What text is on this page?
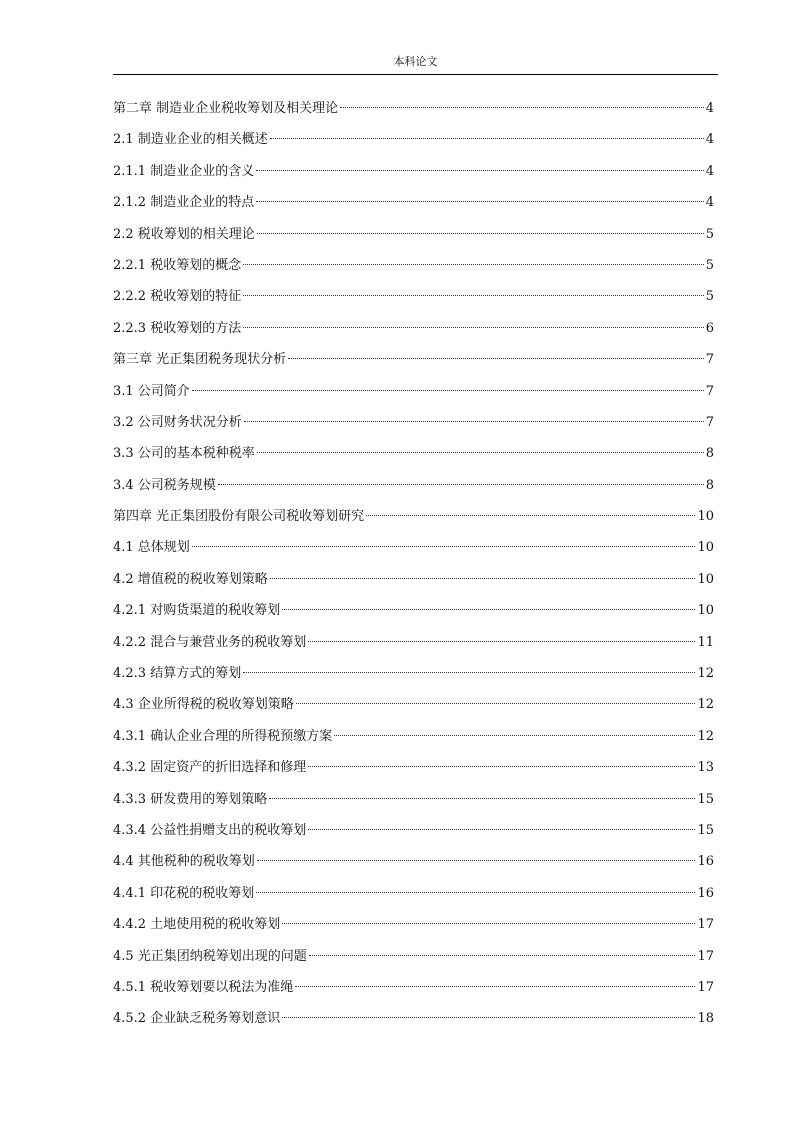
本科论文
第二章 制造业企业税收筹划及相关理论	4
2.1 制造业企业的相关概述	4
2.1.1 制造业企业的含义	4
2.1.2 制造业企业的特点	4
2.2 税收筹划的相关理论	5
2.2.1 税收筹划的概念	5
2.2.2 税收筹划的特征	5
2.2.3 税收筹划的方法	6
第三章 光正集团税务现状分析	7
3.1 公司简介	7
3.2 公司财务状况分析	7
3.3 公司的基本税种税率	8
3.4 公司税务规模	8
第四章 光正集团股份有限公司税收筹划研究	10
4.1 总体规划	10
4.2 增值税的税收筹划策略	10
4.2.1 对购货渠道的税收筹划	10
4.2.2 混合与兼营业务的税收筹划	11
4.2.3 结算方式的筹划	12
4.3 企业所得税的税收筹划策略	12
4.3.1 确认企业合理的所得税预缴方案	12
4.3.2 固定资产的折旧选择和修理	13
4.3.3 研发费用的筹划策略	15
4.3.4 公益性捐赠支出的税收筹划	15
4.4 其他税种的税收筹划	16
4.4.1 印花税的税收筹划	16
4.4.2 土地使用税的税收筹划	17
4.5 光正集团纳税筹划出现的问题	17
4.5.1 税收筹划要以税法为准绳	17
4.5.2 企业缺乏税务筹划意识	18
